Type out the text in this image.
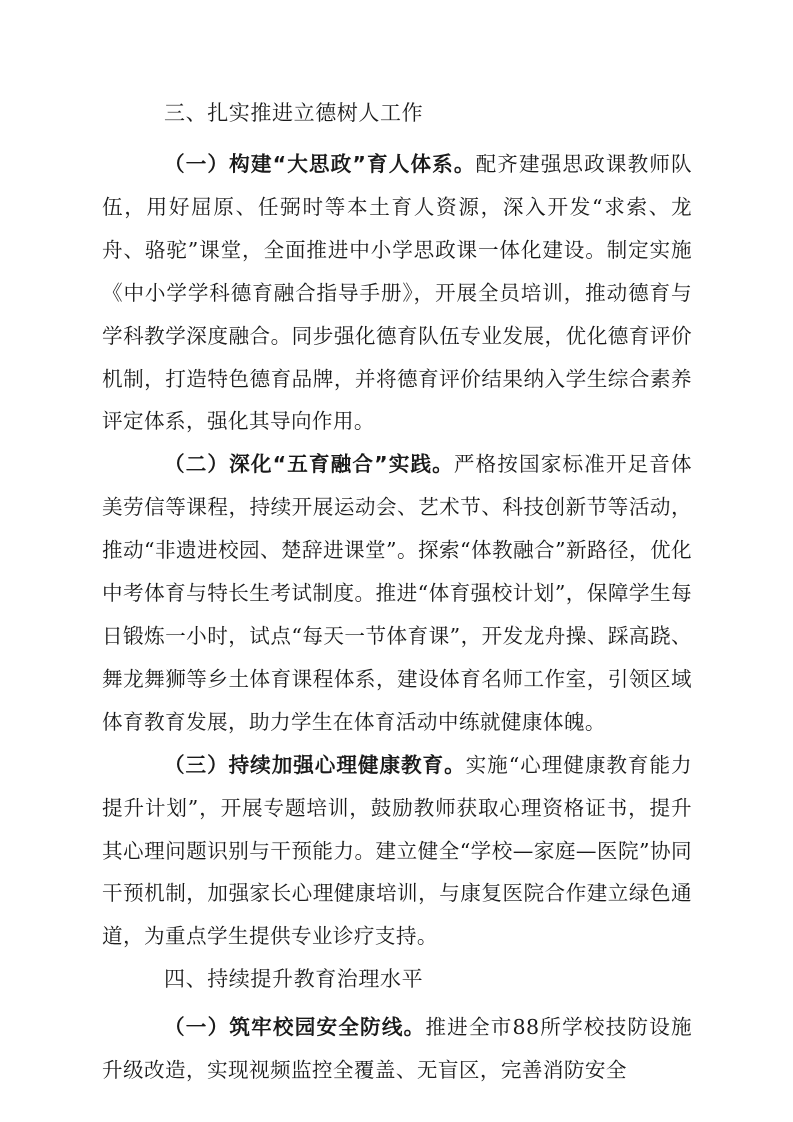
三、扎实推进立德树人工作

（一）构建“大思政”育人体系。配齐建强思政课教师队伍，用好屈原、任弼时等本土育人资源，深入开发“求索、龙舟、骆驼”课堂，全面推进中小学思政课一体化建设。制定实施《中小学学科德育融合指导手册》，开展全员培训，推动德育与学科教学深度融合。同步强化德育队伍专业发展，优化德育评价机制，打造特色德育品牌，并将德育评价结果纳入学生综合素养评定体系，强化其导向作用。

（二）深化“五育融合”实践。严格按国家标准开足音体美劳信等课程，持续开展运动会、艺术节、科技创新节等活动，推动“非遗进校园、楚辞进课堂”。探索“体教融合”新路径，优化中考体育与特长生考试制度。推进“体育强校计划”，保障学生每日锻炼一小时，试点“每天一节体育课”，开发龙舟操、踩高跷、舞龙舞狮等乡土体育课程体系，建设体育名师工作室，引领区域体育教育发展，助力学生在体育活动中练就健康体魄。

（三）持续加强心理健康教育。实施“心理健康教育能力提升计划”，开展专题培训，鼓励教师获取心理资格证书，提升其心理问题识别与干预能力。建立健全“学校—家庭—医院”协同干预机制，加强家长心理健康培训，与康复医院合作建立绿色通道，为重点学生提供专业诊疗支持。

四、持续提升教育治理水平

（一）筑牢校园安全防线。推进全市88所学校技防设施升级改造，实现视频监控全覆盖、无盲区，完善消防安全
